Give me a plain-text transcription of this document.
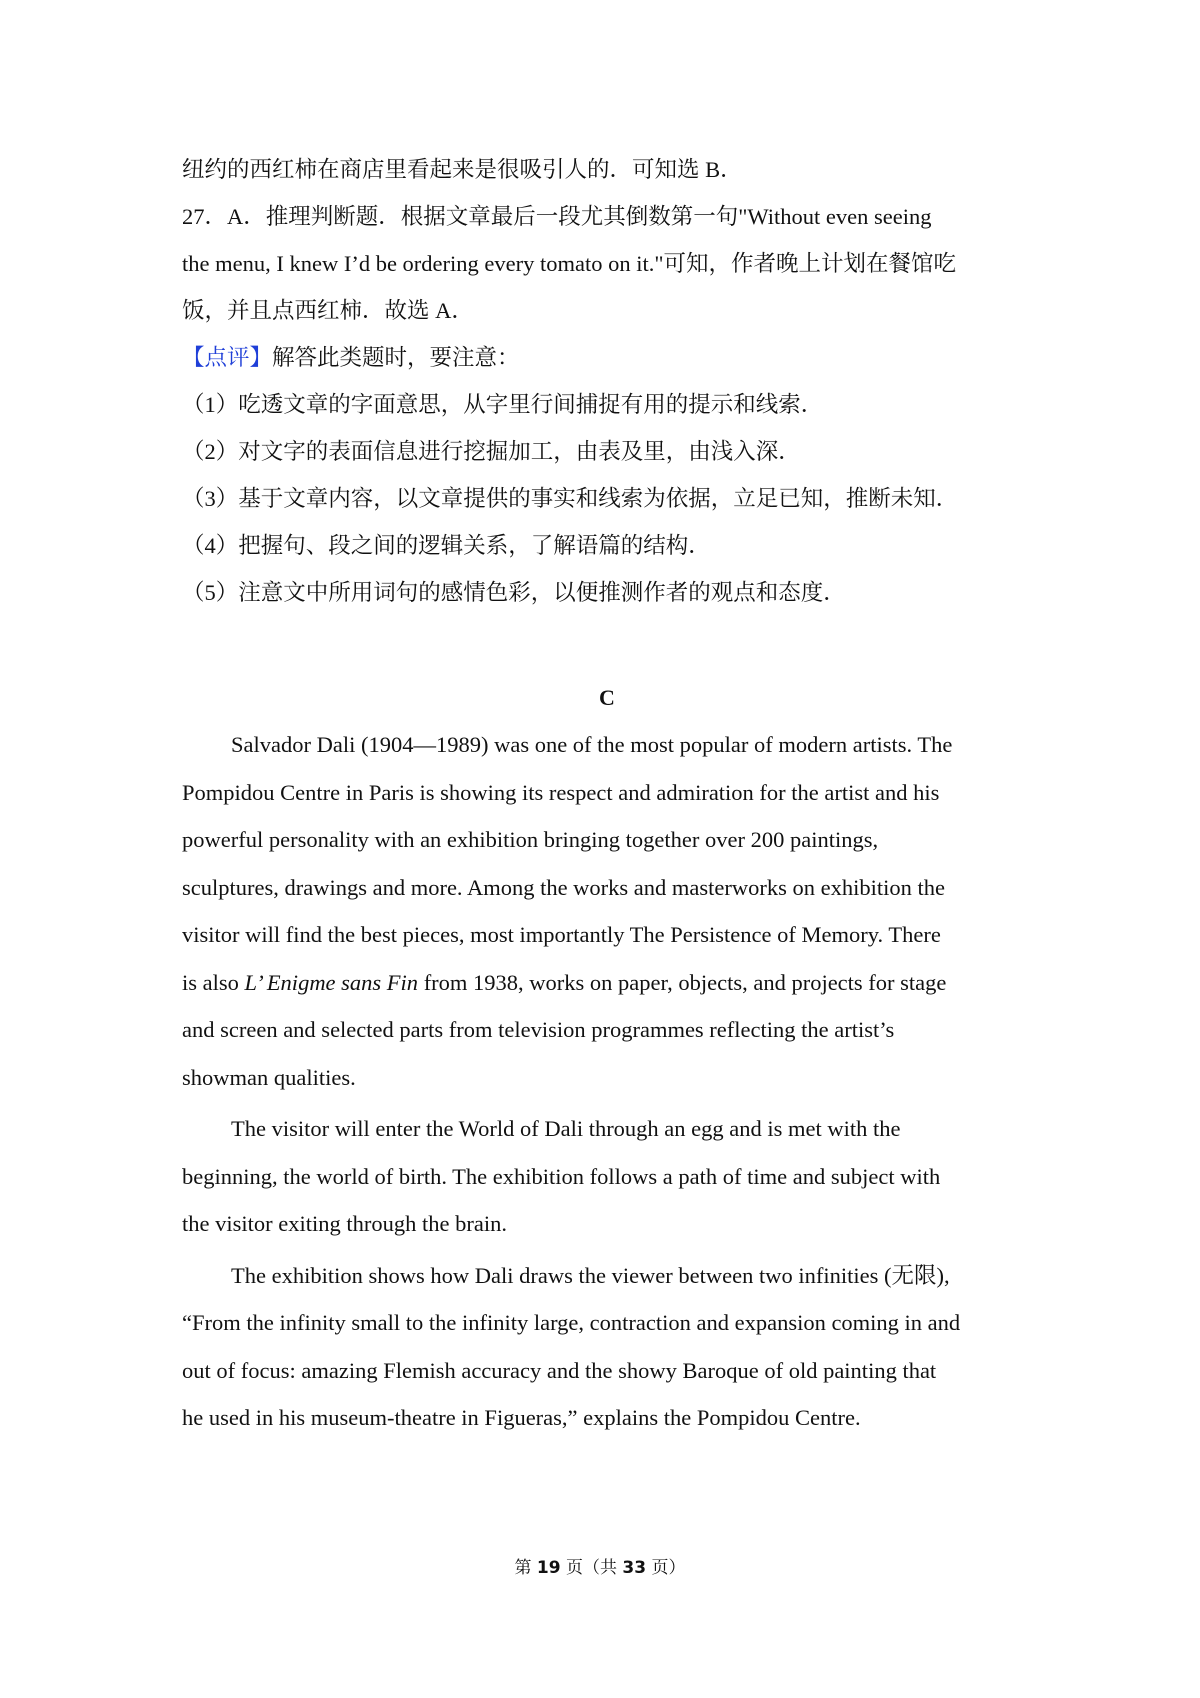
纽约的西红柿在商店里看起来是很吸引人的．可知选 B．
27．A．推理判断题．根据文章最后一段尤其倒数第一句"Without even seeing
the menu, I knew I’d be ordering every tomato on it."可知，作者晚上计划在餐馆吃
饭，并且点西红柿．故选 A．
【点评】解答此类题时，要注意：
（1）吃透文章的字面意思，从字里行间捕捉有用的提示和线索．
（2）对文字的表面信息进行挖掘加工，由表及里，由浅入深．
（3）基于文章内容，以文章提供的事实和线索为依据，立足已知，推断未知．
（4）把握句、段之间的逻辑关系，了解语篇的结构．
（5）注意文中所用词句的感情色彩，以便推测作者的观点和态度．
C
Salvador Dali (1904—1989) was one of the most popular of modern artists. The
Pompidou Centre in Paris is showing its respect and admiration for the artist and his
powerful personality with an exhibition bringing together over 200 paintings,
sculptures, drawings and more. Among the works and masterworks on exhibition the
visitor will find the best pieces, most importantly The Persistence of Memory. There
is also L’ Enigme sans Fin from 1938, works on paper, objects, and projects for stage
and screen and selected parts from television programmes reflecting the artist’s
showman qualities.
The visitor will enter the World of Dali through an egg and is met with the
beginning, the world of birth. The exhibition follows a path of time and subject with
the visitor exiting through the brain.
The exhibition shows how Dali draws the viewer between two infinities (无限),
“From the infinity small to the infinity large, contraction and expansion coming in and
out of focus: amazing Flemish accuracy and the showy Baroque of old painting that
he used in his museum-theatre in Figueras,” explains the Pompidou Centre.
第 19 页（共 33 页）
